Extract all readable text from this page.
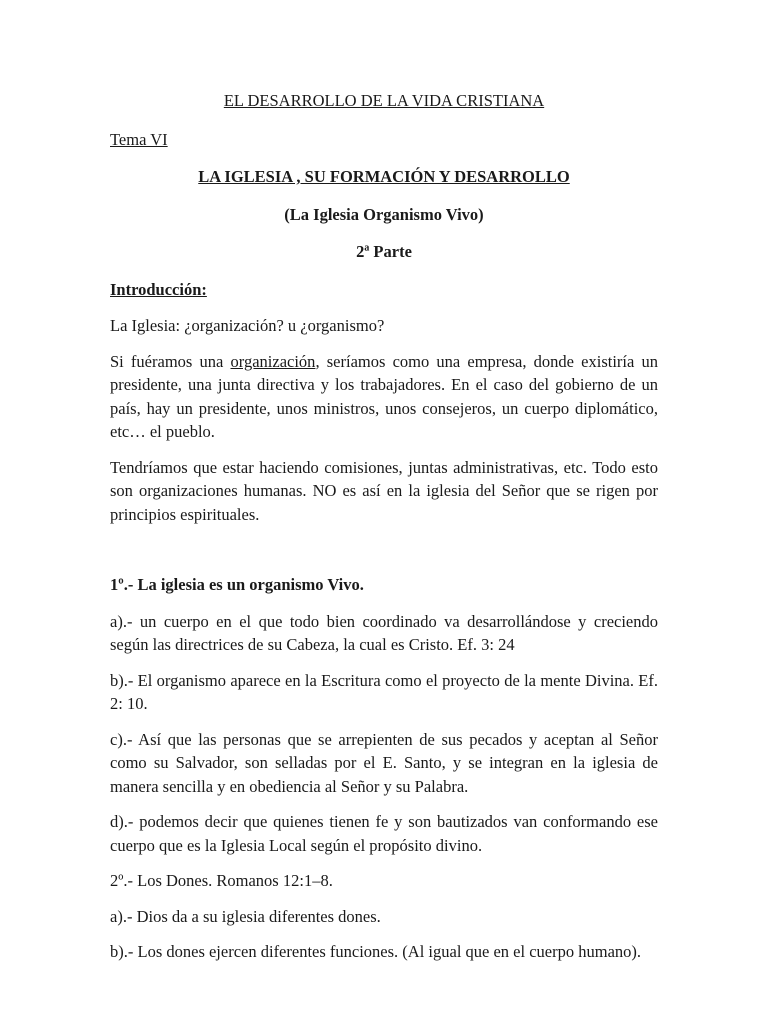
EL DESARROLLO DE LA VIDA CRISTIANA
Tema VI
LA IGLESIA , SU FORMACIÓN Y DESARROLLO
(La Iglesia Organismo Vivo)
2ª Parte
Introducción:

La Iglesia: ¿organización? u ¿organismo?

Si fuéramos una organización, seríamos como una empresa, donde existiría un presidente, una junta directiva y los trabajadores. En el caso del gobierno de un país, hay un presidente, unos ministros, unos consejeros, un cuerpo diplomático, etc… el pueblo.

Tendríamos que estar haciendo comisiones, juntas administrativas, etc. Todo esto son organizaciones humanas. NO es así en la iglesia del Señor que se rigen por principios espirituales.

1º.- La iglesia es un organismo Vivo.

a).- un cuerpo en el que todo bien coordinado va desarrollándose y creciendo según las directrices de su Cabeza, la cual es Cristo. Ef. 3: 24

b).- El organismo aparece en la Escritura como el proyecto de la mente Divina. Ef. 2: 10.

c).- Así que las personas que se arrepienten de sus pecados y aceptan al Señor como su Salvador, son selladas por el E. Santo, y se integran en la iglesia de manera sencilla y en obediencia al Señor y su Palabra.

d).- podemos decir que quienes tienen fe y son bautizados van conformando ese cuerpo que es la Iglesia Local según el propósito divino.

2º.- Los Dones. Romanos 12:1–8.

a).- Dios da a su iglesia diferentes dones.

b).- Los dones ejercen diferentes funciones. (Al igual que en el cuerpo humano).
